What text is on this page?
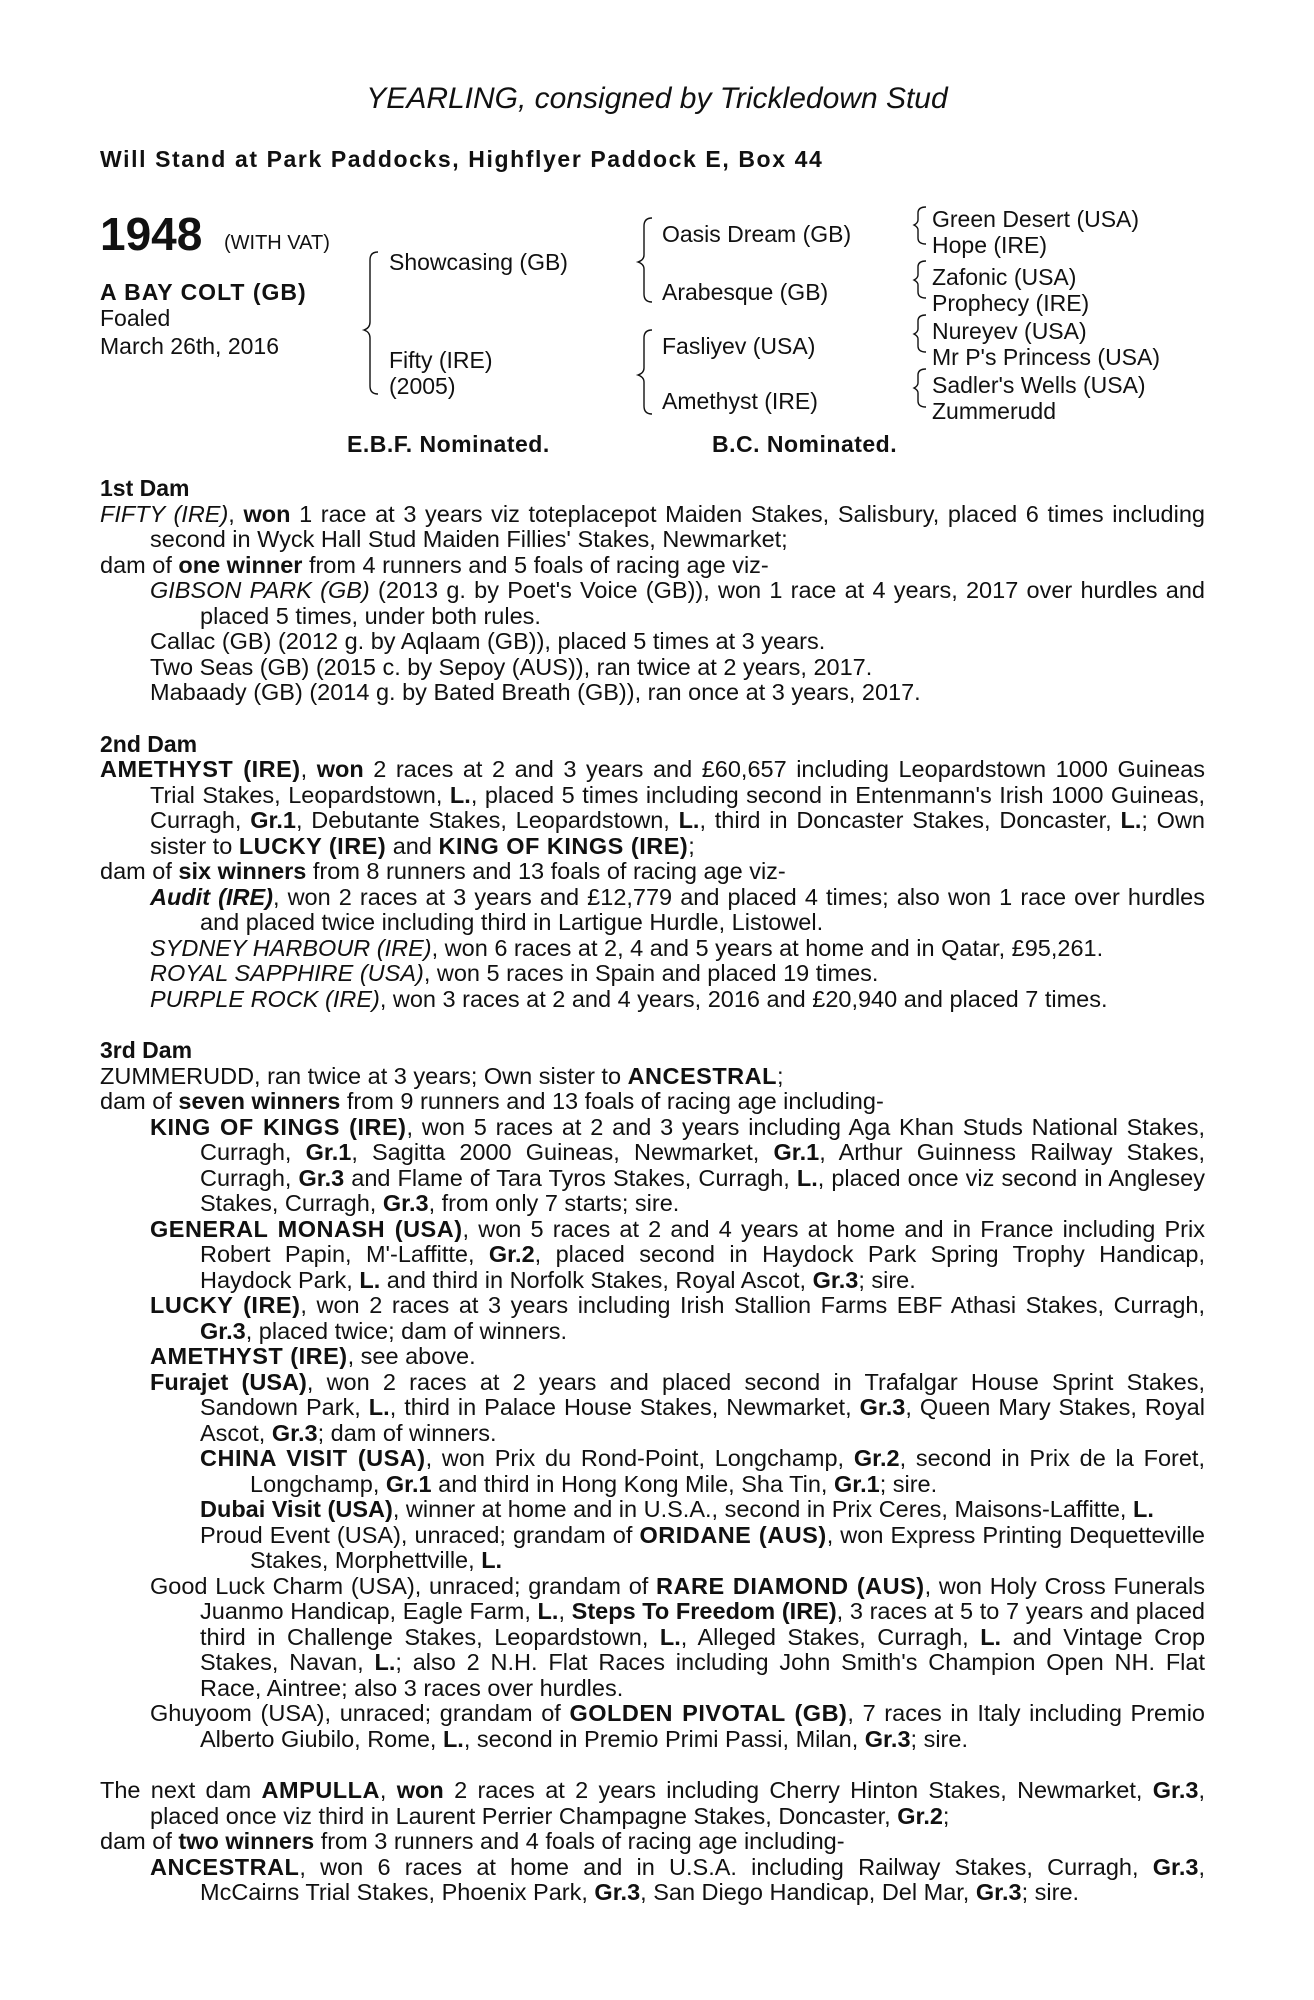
YEARLING, consigned by Trickledown Stud
Will Stand at Park Paddocks, Highflyer Paddock E, Box 44
1948 (WITH VAT)
A BAY COLT (GB)
Foaled
March 26th, 2016
Showcasing (GB)
Fifty (IRE)
(2005)
Oasis Dream (GB)
Arabesque (GB)
Fasliyev (USA)
Amethyst (IRE)
Green Desert (USA)
Hope (IRE)
Zafonic (USA)
Prophecy (IRE)
Nureyev (USA)
Mr P's Princess (USA)
Sadler's Wells (USA)
Zummerudd
E.B.F. Nominated.	B.C. Nominated.

1st Dam

FIFTY (IRE), won 1 race at 3 years viz toteplacepot Maiden Stakes, Salisbury, placed 6 times including second in Wyck Hall Stud Maiden Fillies' Stakes, Newmarket;

dam of one winner from 4 runners and 5 foals of racing age viz-

GIBSON PARK (GB) (2013 g. by Poet's Voice (GB)), won 1 race at 4 years, 2017 over hurdles and placed 5 times, under both rules.

Callac (GB) (2012 g. by Aqlaam (GB)), placed 5 times at 3 years.

Two Seas (GB) (2015 c. by Sepoy (AUS)), ran twice at 2 years, 2017.

Mabaady (GB) (2014 g. by Bated Breath (GB)), ran once at 3 years, 2017.

2nd Dam

AMETHYST (IRE), won 2 races at 2 and 3 years and £60,657 including Leopardstown 1000 Guineas Trial Stakes, Leopardstown, L., placed 5 times including second in Entenmann's Irish 1000 Guineas, Curragh, Gr.1, Debutante Stakes, Leopardstown, L., third in Doncaster Stakes, Doncaster, L.; Own sister to LUCKY (IRE) and KING OF KINGS (IRE);

dam of six winners from 8 runners and 13 foals of racing age viz-

Audit (IRE), won 2 races at 3 years and £12,779 and placed 4 times; also won 1 race over hurdles and placed twice including third in Lartigue Hurdle, Listowel.

SYDNEY HARBOUR (IRE), won 6 races at 2, 4 and 5 years at home and in Qatar, £95,261.

ROYAL SAPPHIRE (USA), won 5 races in Spain and placed 19 times.

PURPLE ROCK (IRE), won 3 races at 2 and 4 years, 2016 and £20,940 and placed 7 times.

3rd Dam

ZUMMERUDD, ran twice at 3 years; Own sister to ANCESTRAL;

dam of seven winners from 9 runners and 13 foals of racing age including-

KING OF KINGS (IRE), won 5 races at 2 and 3 years including Aga Khan Studs National Stakes, Curragh, Gr.1, Sagitta 2000 Guineas, Newmarket, Gr.1, Arthur Guinness Railway Stakes, Curragh, Gr.3 and Flame of Tara Tyros Stakes, Curragh, L., placed once viz second in Anglesey Stakes, Curragh, Gr.3, from only 7 starts; sire.

GENERAL MONASH (USA), won 5 races at 2 and 4 years at home and in France including Prix Robert Papin, M'-Laffitte, Gr.2, placed second in Haydock Park Spring Trophy Handicap, Haydock Park, L. and third in Norfolk Stakes, Royal Ascot, Gr.3; sire.

LUCKY (IRE), won 2 races at 3 years including Irish Stallion Farms EBF Athasi Stakes, Curragh, Gr.3, placed twice; dam of winners.

AMETHYST (IRE), see above.

Furajet (USA), won 2 races at 2 years and placed second in Trafalgar House Sprint Stakes, Sandown Park, L., third in Palace House Stakes, Newmarket, Gr.3, Queen Mary Stakes, Royal Ascot, Gr.3; dam of winners.

CHINA VISIT (USA), won Prix du Rond-Point, Longchamp, Gr.2, second in Prix de la Foret, Longchamp, Gr.1 and third in Hong Kong Mile, Sha Tin, Gr.1; sire.

Dubai Visit (USA), winner at home and in U.S.A., second in Prix Ceres, Maisons-Laffitte, L.

Proud Event (USA), unraced; grandam of ORIDANE (AUS), won Express Printing Dequetteville Stakes, Morphettville, L.

Good Luck Charm (USA), unraced; grandam of RARE DIAMOND (AUS), won Holy Cross Funerals Juanmo Handicap, Eagle Farm, L., Steps To Freedom (IRE), 3 races at 5 to 7 years and placed third in Challenge Stakes, Leopardstown, L., Alleged Stakes, Curragh, L. and Vintage Crop Stakes, Navan, L.; also 2 N.H. Flat Races including John Smith's Champion Open NH. Flat Race, Aintree; also 3 races over hurdles.

Ghuyoom (USA), unraced; grandam of GOLDEN PIVOTAL (GB), 7 races in Italy including Premio Alberto Giubilo, Rome, L., second in Premio Primi Passi, Milan, Gr.3; sire.

The next dam AMPULLA, won 2 races at 2 years including Cherry Hinton Stakes, Newmarket, Gr.3, placed once viz third in Laurent Perrier Champagne Stakes, Doncaster, Gr.2;

dam of two winners from 3 runners and 4 foals of racing age including-

ANCESTRAL, won 6 races at home and in U.S.A. including Railway Stakes, Curragh, Gr.3, McCairns Trial Stakes, Phoenix Park, Gr.3, San Diego Handicap, Del Mar, Gr.3; sire.
